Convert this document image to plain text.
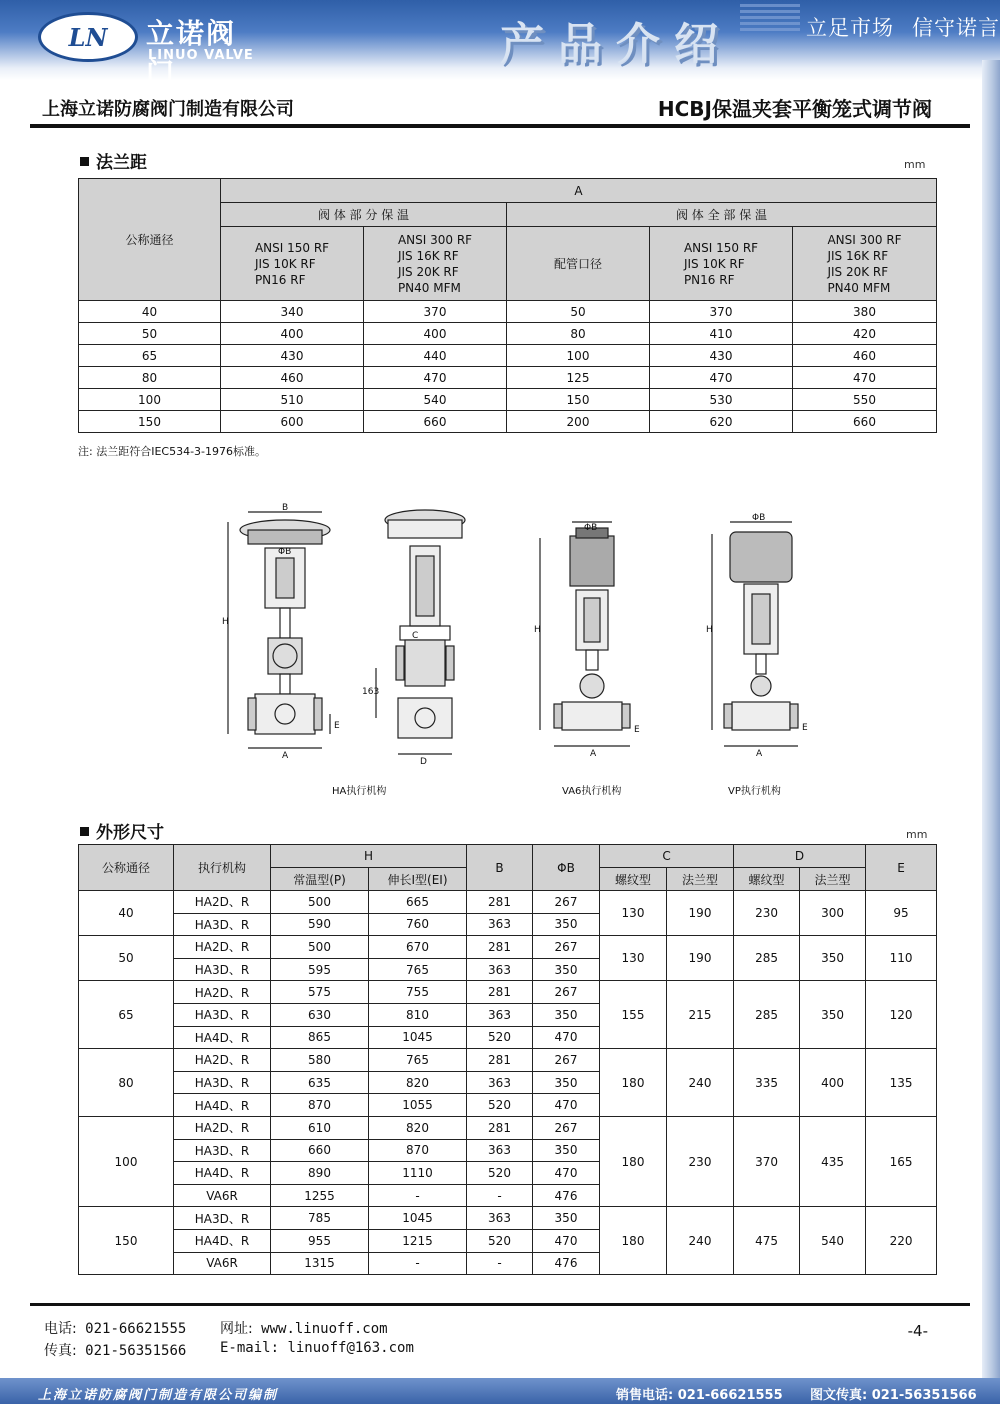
LN	立诺阀门
LINUO VALVE	产品介绍	立足市场 信守诺言
上海立诺防腐阀门制造有限公司	HCBJ保温夹套平衡笼式调节阀
法兰距	mm
公称通径	A				
	阀 体 部 分 保 温		阀 体 全 部 保 温		
	ANSI 150 RF
JIS 10K RF
PN16 RF	ANSI 300 RF
JIS 16K RF
JIS 20K RF
PN40 MFM	配管口径	ANSI 150 RF
JIS 10K RF
PN16 RF	ANSI 300 RF
JIS 16K RF
JIS 20K RF
PN40 MFM
40	340	370	50	370	380
50	400	400	80	410	420
65	430	440	100	430	460
80	460	470	125	470	470
100	510	540	150	530	550
150	600	660	200	620	660
注: 法兰距符合IEC534-3-1976标准。
B
ΦB
H
A
E
C
163
D
ΦB
H
A
E
ΦB
H
A
E
HA执行机构	VA6执行机构	VP执行机构
外形尺寸	mm
公称通径	执行机构	H		B	ΦB	C		D		E
		常温型(P)	伸长I型(EI)			螺纹型	法兰型	螺纹型	法兰型	
40	HA2D、R	500	665	281	267	130	190	230	300	95
	HA3D、R	590	760	363	350					
50	HA2D、R	500	670	281	267	130	190	285	350	110
	HA3D、R	595	765	363	350					
65	HA2D、R	575	755	281	267	155	215	285	350	120
	HA3D、R	630	810	363	350					
	HA4D、R	865	1045	520	470					
80	HA2D、R	580	765	281	267	180	240	335	400	135
	HA3D、R	635	820	363	350					
	HA4D、R	870	1055	520	470					
100	HA2D、R	610	820	281	267	180	230	370	435	165
	HA3D、R	660	870	363	350					
	HA4D、R	890	1110	520	470					
	VA6R	1255	-	-	476					
150	HA3D、R	785	1045	363	350	180	240	475	540	220
	HA4D、R	955	1215	520	470					
	VA6R	1315	-	-	476					
电话: 021-66621555 网址: www.linuoff.com
传真: 021-56351566 E-mail: linuoff@163.com
-4-
上海立诺防腐阀门制造有限公司编制	销售电话: 021-66621555 图文传真: 021-56351566
